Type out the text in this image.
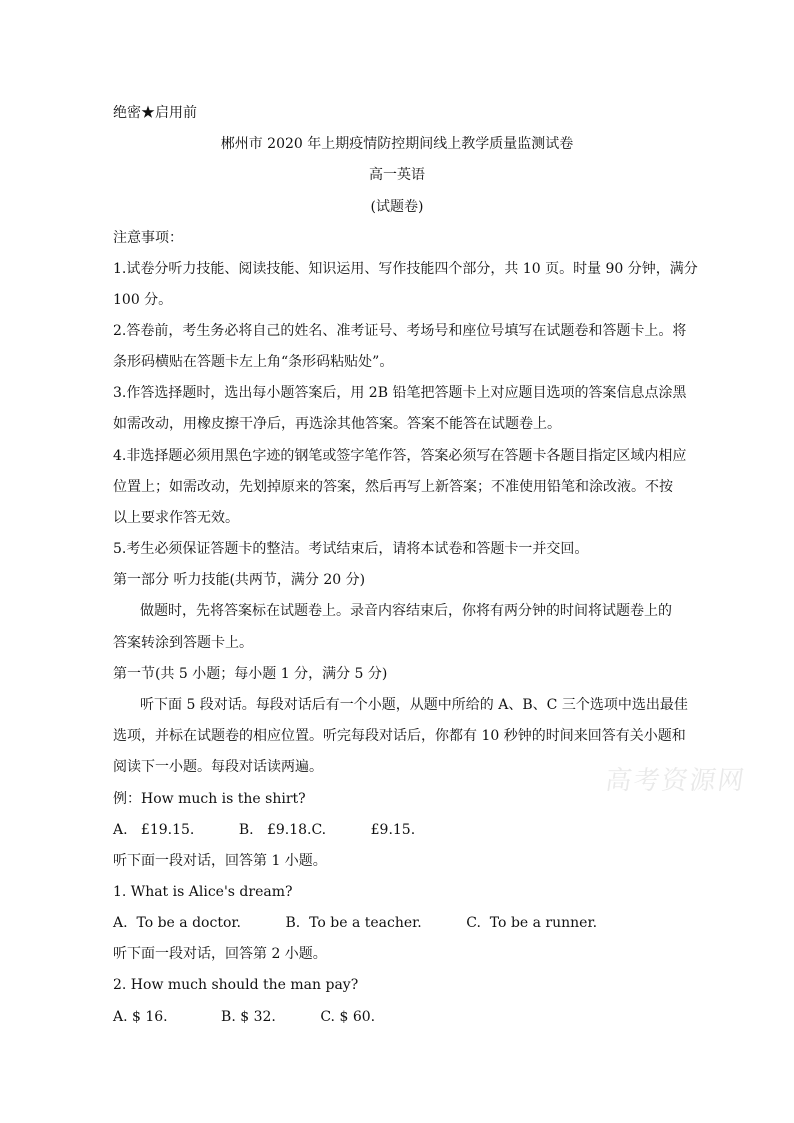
绝密★启用前
郴州市 2020 年上期疫情防控期间线上教学质量监测试卷
高一英语
(试题卷)
注意事项：
1.试卷分听力技能、阅读技能、知识运用、写作技能四个部分，共 10 页。时量 90 分钟，满分
100 分。
2.答卷前，考生务必将自己的姓名、准考证号、考场号和座位号填写在试题卷和答题卡上。将
条形码横贴在答题卡左上角“条形码粘贴处”。
3.作答选择题时，选出每小题答案后，用 2B 铅笔把答题卡上对应题目选项的答案信息点涂黑
如需改动，用橡皮擦干净后，再选涂其他答案。答案不能答在试题卷上。
4.非选择题必须用黑色字迹的钢笔或签字笔作答，答案必须写在答题卡各题目指定区域内相应
位置上；如需改动，先划掉原来的答案，然后再写上新答案；不准使用铅笔和涂改液。不按
以上要求作答无效。
5.考生必须保证答题卡的整洁。考试结束后，请将本试卷和答题卡一并交回。
第一部分 听力技能(共两节，满分 20 分)
做题时，先将答案标在试题卷上。录音内容结束后，你将有两分钟的时间将试题卷上的
答案转涂到答题卡上。
第一节(共 5 小题；每小题 1 分，满分 5 分)
听下面 5 段对话。每段对话后有一个小题，从题中所给的 A、B、C 三个选项中选出最佳
选项，并标在试题卷的相应位置。听完每段对话后，你都有 10 秒钟的时间来回答有关小题和
阅读下一小题。每段对话读两遍。	高考资源网
例：How much is the shirt?
A.   £19.15.          B.   £9.18.C.          £9.15.
听下面一段对话，回答第 1 小题。
1. What is Alice's dream?
A.  To be a doctor.          B.  To be a teacher.          C.  To be a runner.
听下面一段对话，回答第 2 小题。
2. How much should the man pay?
A. $ 16.            B. $ 32.          C. $ 60.
